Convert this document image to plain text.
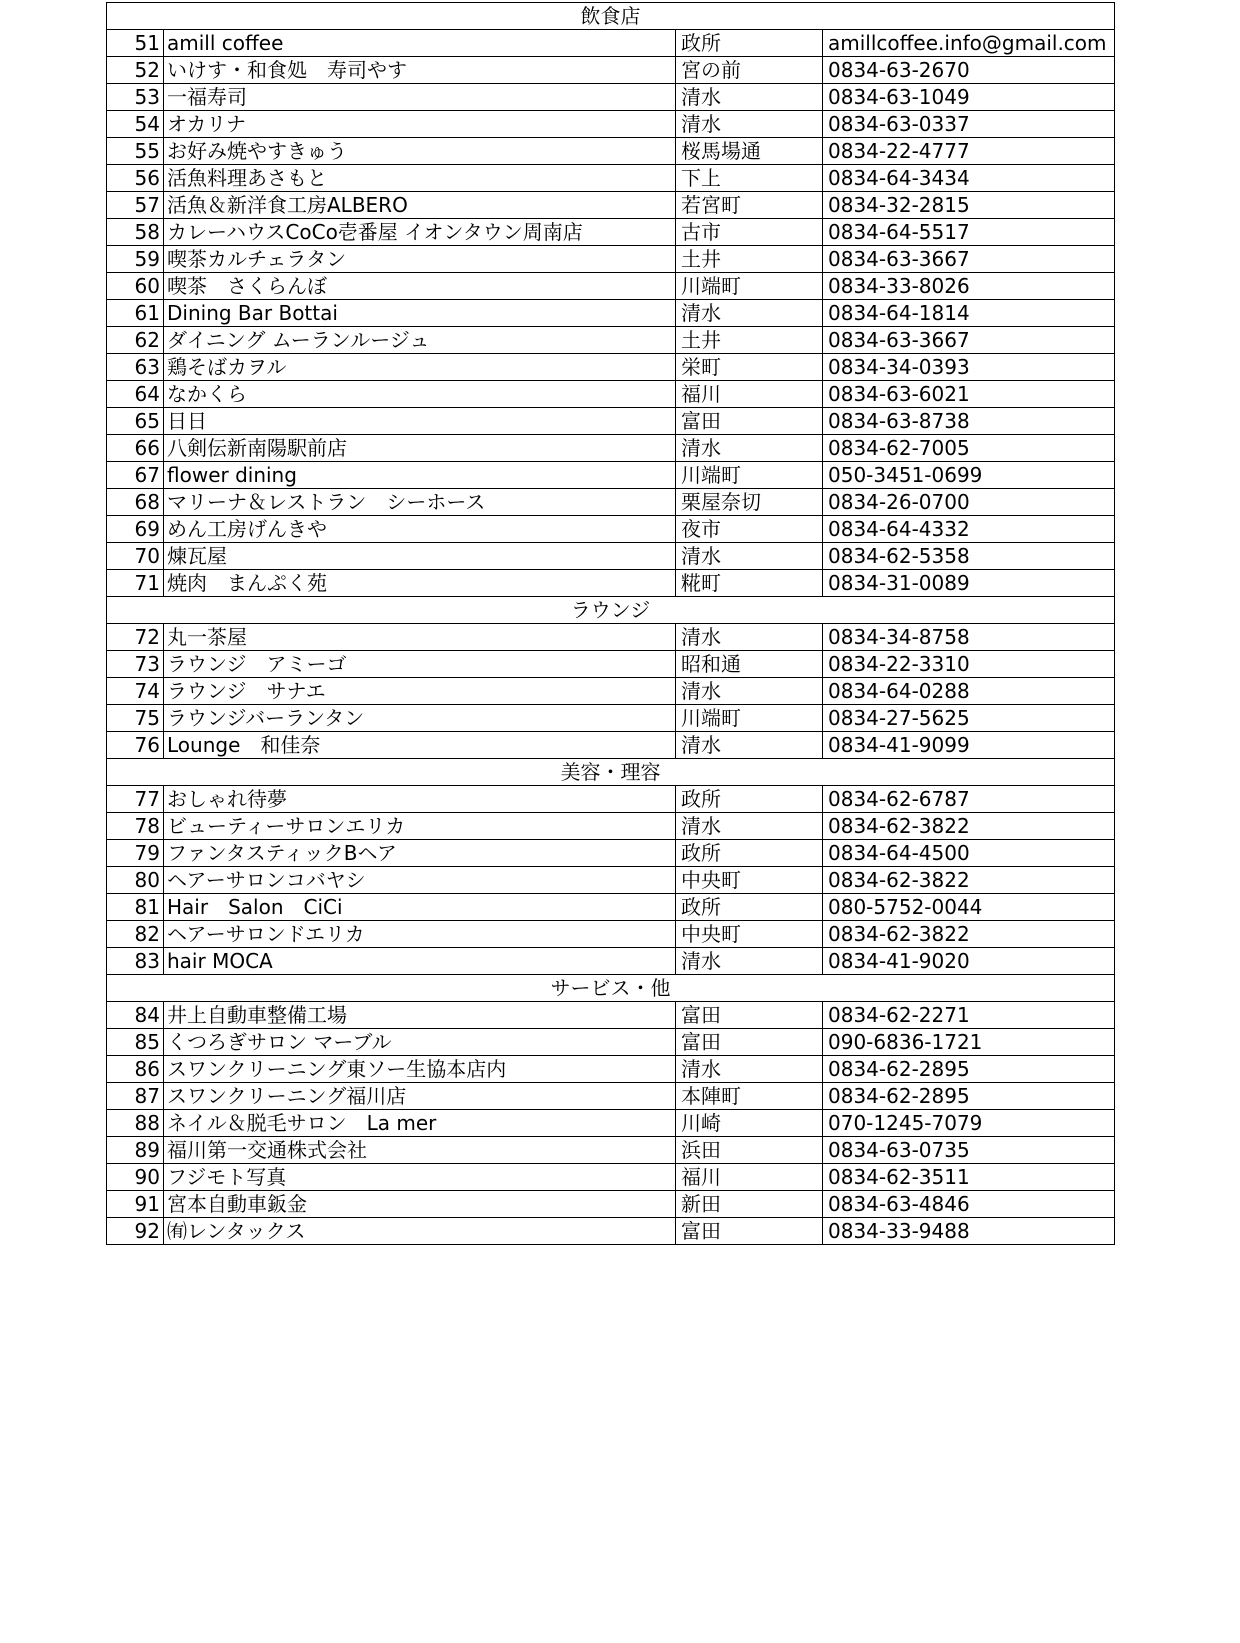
飲食店			
51	amill coffee	政所	amillcoffee.info@gmail.com
52	いけす・和食処　寿司やす	宮の前	0834-63-2670
53	一福寿司	清水	0834-63-1049
54	オカリナ	清水	0834-63-0337
55	お好み焼やすきゅう	桜馬場通	0834-22-4777
56	活魚料理あさもと	下上	0834-64-3434
57	活魚＆新洋食工房ALBERO	若宮町	0834-32-2815
58	カレーハウスCoCo壱番屋 イオンタウン周南店	古市	0834-64-5517
59	喫茶カルチェラタン	土井	0834-63-3667
60	喫茶　さくらんぼ	川端町	0834-33-8026
61	Dining Bar Bottai	清水	0834-64-1814
62	ダイニング ムーランルージュ	土井	0834-63-3667
63	鶏そばカヲル	栄町	0834-34-0393
64	なかくら	福川	0834-63-6021
65	日日	富田	0834-63-8738
66	八剣伝新南陽駅前店	清水	0834-62-7005
67	flower dining	川端町	050-3451-0699
68	マリーナ＆レストラン　シーホース	栗屋奈切	0834-26-0700
69	めん工房げんきや	夜市	0834-64-4332
70	煉瓦屋	清水	0834-62-5358
71	焼肉　まんぷく苑	糀町	0834-31-0089
ラウンジ			
72	丸一茶屋	清水	0834-34-8758
73	ラウンジ　アミーゴ	昭和通	0834-22-3310
74	ラウンジ　サナエ	清水	0834-64-0288
75	ラウンジバーランタン	川端町	0834-27-5625
76	Lounge　和佳奈	清水	0834-41-9099
美容・理容			
77	おしゃれ待夢	政所	0834-62-6787
78	ビューティーサロンエリカ	清水	0834-62-3822
79	ファンタスティックBヘア	政所	0834-64-4500
80	ヘアーサロンコバヤシ	中央町	0834-62-3822
81	Hair　Salon　CiCi	政所	080-5752-0044
82	ヘアーサロンドエリカ	中央町	0834-62-3822
83	hair MOCA	清水	0834-41-9020
サービス・他			
84	井上自動車整備工場	富田	0834-62-2271
85	くつろぎサロン マーブル	富田	090-6836-1721
86	スワンクリーニング東ソー生協本店内	清水	0834-62-2895
87	スワンクリーニング福川店	本陣町	0834-62-2895
88	ネイル＆脱毛サロン　La mer	川崎	070-1245-7079
89	福川第一交通株式会社	浜田	0834-63-0735
90	フジモト写真	福川	0834-62-3511
91	宮本自動車鈑金	新田	0834-63-4846
92	㈲レンタックス	富田	0834-33-9488
